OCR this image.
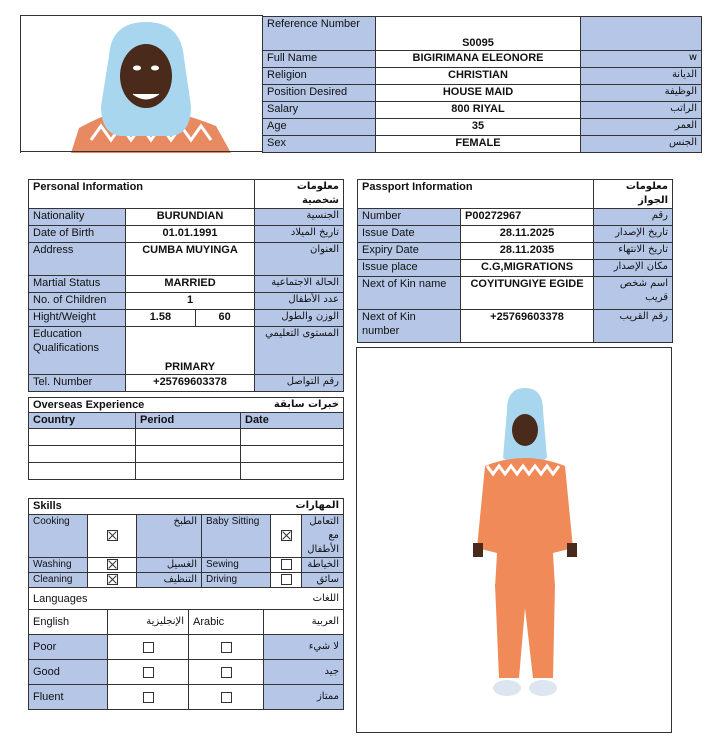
Reference Number	S0095	
Full Name	BIGIRIMANA ELEONORE	w
Religion	CHRISTIAN	الديانة
Position Desired	HOUSE MAID	الوظيفة
Salary	800 RIYAL	الراتب
Age	35	العمر
Sex	FEMALE	الجنس
Personal Information			معلومات شخصية
Nationality	BURUNDIAN		الجنسية
Date of Birth	01.01.1991		تاريخ الميلاد
Address	CUMBA MUYINGA		العنوان
Martial Status	MARRIED		الحالة الاجتماعية
No. of Children	1		عدد الأطفال
Hight/Weight	1.58	60	الوزن والطول
Education Qualifications	PRIMARY		المستوى التعليمي
Tel. Number	+25769603378		رقم التواصل
Passport Information		معلومات الجواز
Number	P00272967	رقم
Issue Date	28.11.2025	تاريخ الإصدار
Expiry Date	28.11.2035	تاريخ الانتهاء
Issue place	C.G,MIGRATIONS	مكان الإصدار
Next of Kin name	COYITUNGIYE EGIDE	اسم شخص قريب
Next of Kin number	+25769603378	رقم القريب
Overseas Experience		خبرات سابقة
Country	Period	Date

Skills			المهارات		
Cooking		الطبخ	Baby Sitting		التعامل مع الأطفال
Washing		الغسيل	Sewing		الخياطة
Cleaning		التنظيف	Driving		سائق
Languages		اللغات	
English	الإنجليزية	Arabic	العربية
Poor			لا شيء
Good			جيد
Fluent			ممتاز
